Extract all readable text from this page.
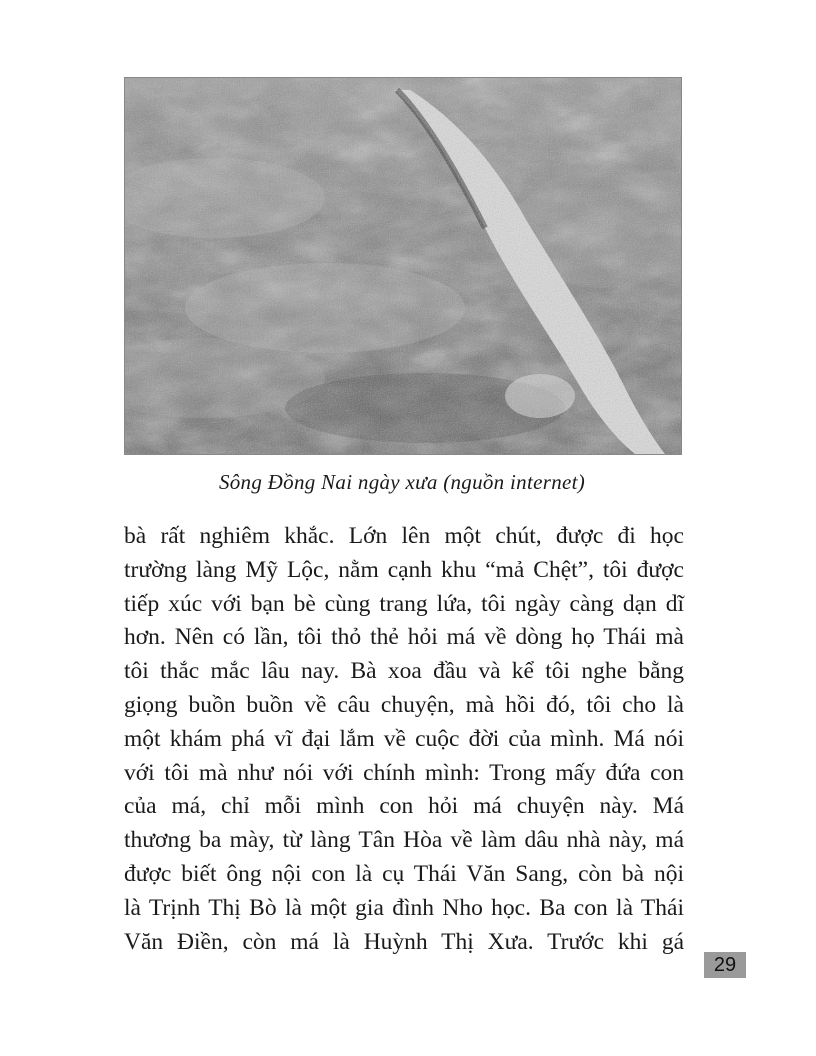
Sông Đồng Nai ngày xưa (nguồn internet)
bà rất nghiêm khắc. Lớn lên một chút, được đi học
trường làng Mỹ Lộc, nằm cạnh khu “mả Chệt”, tôi được
tiếp xúc với bạn bè cùng trang lứa, tôi ngày càng dạn dĩ
hơn. Nên có lần, tôi thỏ thẻ hỏi má về dòng họ Thái mà
tôi thắc mắc lâu nay. Bà xoa đầu và kể tôi nghe bằng
giọng buồn buồn về câu chuyện, mà hồi đó, tôi cho là
một khám phá vĩ đại lắm về cuộc đời của mình. Má nói
với tôi mà như nói với chính mình: Trong mấy đứa con
của má, chỉ mỗi mình con hỏi má chuyện này. Má
thương ba mày, từ làng Tân Hòa về làm dâu nhà này, má
được biết ông nội con là cụ Thái Văn Sang, còn bà nội
là Trịnh Thị Bò là một gia đình Nho học. Ba con là Thái
Văn Điền, còn má là Huỳnh Thị Xưa. Trước khi gá
29
